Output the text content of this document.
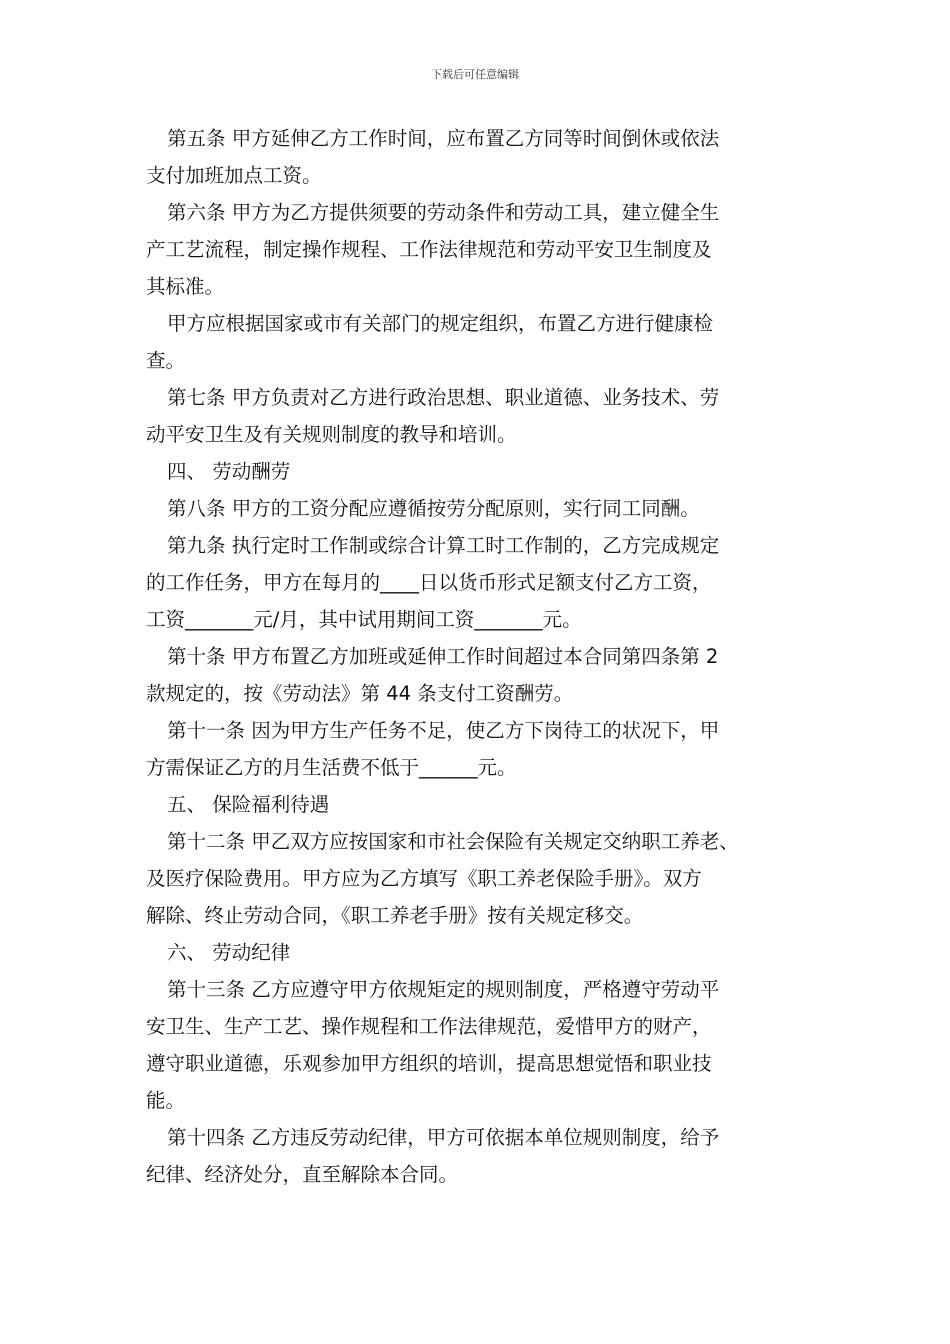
下载后可任意编辑
第五条 甲方延伸乙方工作时间，应布置乙方同等时间倒休或依法
支付加班加点工资。
第六条 甲方为乙方提供须要的劳动条件和劳动工具，建立健全生
产工艺流程，制定操作规程、工作法律规范和劳动平安卫生制度及
其标准。
甲方应根据国家或市有关部门的规定组织，布置乙方进行健康检
查。
第七条 甲方负责对乙方进行政治思想、职业道德、业务技术、劳
动平安卫生及有关规则制度的教导和培训。
四、 劳动酬劳
第八条 甲方的工资分配应遵循按劳分配原则，实行同工同酬。
第九条 执行定时工作制或综合计算工时工作制的，乙方完成规定
的工作任务，甲方在每月的____日以货币形式足额支付乙方工资，
工资_______元/月，其中试用期间工资_______元。
第十条 甲方布置乙方加班或延伸工作时间超过本合同第四条第 2
款规定的，按《劳动法》第 44 条支付工资酬劳。
第十一条 因为甲方生产任务不足，使乙方下岗待工的状况下，甲
方需保证乙方的月生活费不低于______元。
五、 保险福利待遇
第十二条 甲乙双方应按国家和市社会保险有关规定交纳职工养老、
及医疗保险费用。甲方应为乙方填写《职工养老保险手册》。双方
解除、终止劳动合同，《职工养老手册》按有关规定移交。
六、 劳动纪律
第十三条 乙方应遵守甲方依规矩定的规则制度，严格遵守劳动平
安卫生、生产工艺、操作规程和工作法律规范，爱惜甲方的财产，
遵守职业道德，乐观参加甲方组织的培训，提高思想觉悟和职业技
能。
第十四条 乙方违反劳动纪律，甲方可依据本单位规则制度，给予
纪律、经济处分，直至解除本合同。
